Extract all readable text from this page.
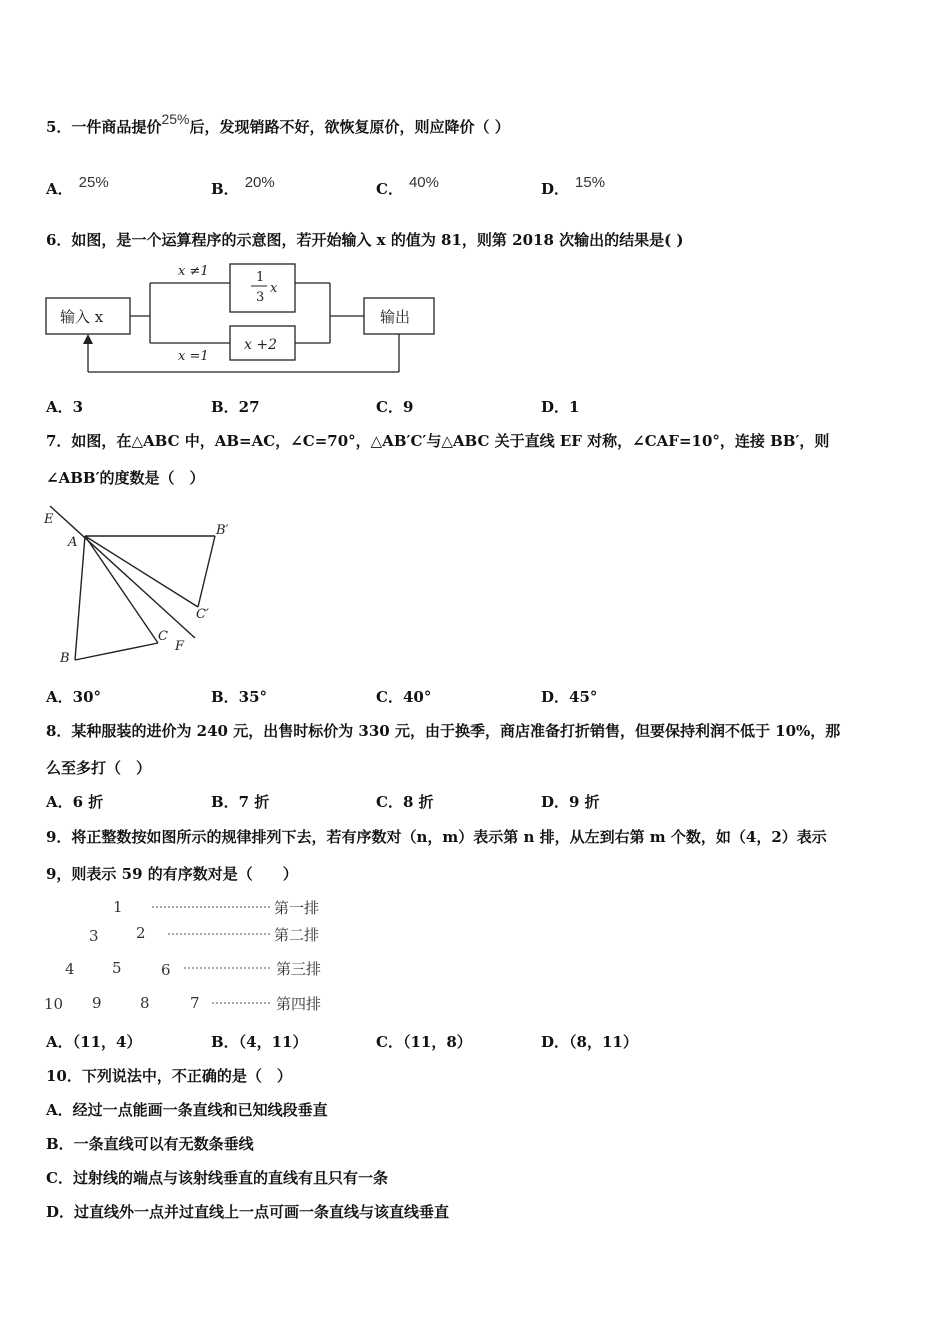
5．一件商品提价25%后，发现销路不好，欲恢复原价，则应降价（ ）
A． 25%	B． 20%	C． 40%	D． 15%
6．如图，是一个运算程序的示意图，若开始输入 x 的值为 81，则第 2018 次输出的结果是( )
输入 x	输出
x ≠1
x =1
1
3
x
x +2
A．3	B．27	C．9	D．1
7．如图，在△ABC 中，AB=AC，∠C=70°，△AB′C′与△ABC 关于直线 EF 对称，∠CAF=10°，连接 BB′，则
∠ABB′的度数是（　）
E
A
B′
C′
C
F
B
A．30°	B．35°	C．40°	D．45°
8．某种服装的进价为 240 元，出售时标价为 330 元，由于换季，商店准备打折销售，但要保持利润不低于 10%，那
么至多打（　）
A．6 折	B．7 折	C．8 折	D．9 折
9．将正整数按如图所示的规律排列下去，若有序数对（n，m）表示第 n 排，从左到右第 m 个数，如（4，2）表示
9，则表示 59 的有序数对是（　　）
1	第一排
3 2	第二排
4 5	6	第三排
10 9	8	7	第四排
A．（11，4）	B．（4，11）	C．（11，8）	D．（8，11）
10．下列说法中，不正确的是（　）
A．经过一点能画一条直线和已知线段垂直
B．一条直线可以有无数条垂线
C．过射线的端点与该射线垂直的直线有且只有一条
D．过直线外一点并过直线上一点可画一条直线与该直线垂直
